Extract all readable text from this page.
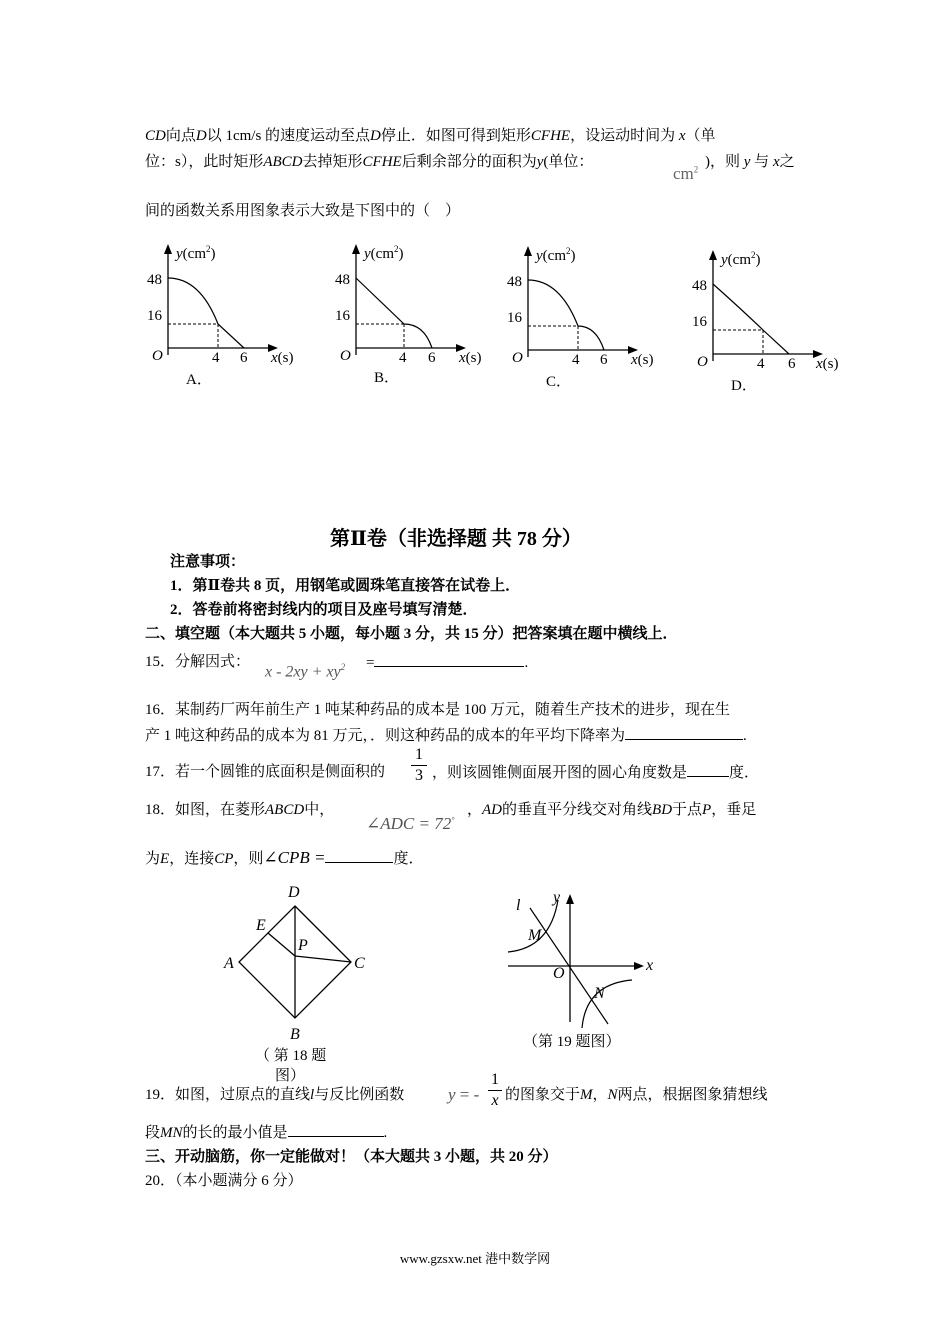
CD向点D以 1cm/s 的速度运动至点D停止．如图可得到矩形CFHE，设运动时间为 x（单
位：s），此时矩形ABCD去掉矩形CFHE后剩余部分的面积为y(单位：
$cm^2$ )，则 y 与 x之
间的函数关系用图象表示大致是下图中的（　）
$y(cm^2)$
48
16
O	4 6 x(s)
A．
$y(cm^2)$
48
16
O	4 6 x(s)
B．
$y(cm^2)$
48
16
O	4 6 x(s)
C．
$y(cm^2)$
48
16
O	4 6 x(s)
D．
第Ⅱ卷（非选择题 共 78 分）
注意事项：
1．第Ⅱ卷共 8 页，用钢笔或圆珠笔直接答在试卷上．
2．答卷前将密封线内的项目及座号填写清楚．
二、填空题（本大题共 5 小题，每小题 3 分，共 15 分）把答案填在题中横线上．
15．分解因式：
$x - 2xy + xy^2$ =	.
16．某制药厂两年前生产 1 吨某种药品的成本是 100 万元，随着生产技术的进步，现在生
产 1 吨这种药品的成本为 81 万元，．则这种药品的成本的年平均下降率为	.
17．若一个圆锥的底面积是侧面积的
1
3 ，则该圆锥侧面展开图的圆心角度数是	度．
18．如图，在菱形ABCD中，
∠ADC = 72°
，AD的垂直平分线交对角线BD于点P，垂足
为E，连接CP，则∠CPB =	度．
D
E
P
A	C
B
（ 第 18 题
图）
l y
M
x
O
N
（第 19 题图）
19．如图，过原点的直线l与反比例函数	y = -
1
x 的图象交于M，N两点，根据图象猜想线
段MN的长的最小值是	.
三、开动脑筋，你一定能做对！（本大题共 3 小题，共 20 分）
20．（本小题满分 6 分）
www.gzsxw.net 港中数学网
